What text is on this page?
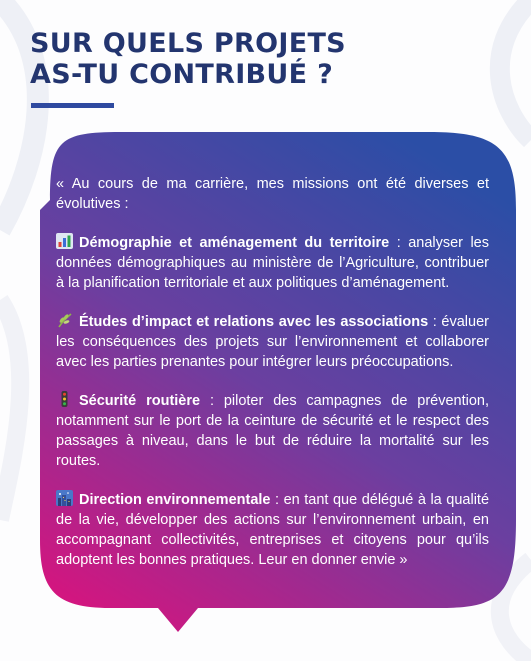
SUR QUELS PROJETS
AS-TU CONTRIBUÉ ?

« Au cours de ma carrière, mes missions ont été diverses et évolutives :

Démographie et aménagement du territoire : analyser les données démographiques au ministère de l’Agriculture, contribuer à la planification territoriale et aux politiques d’aménagement.

Études d’impact et relations avec les associations : évaluer les conséquences des projets sur l’environnement et collaborer avec les parties prenantes pour intégrer leurs préoccupations.

Sécurité routière : piloter des campagnes de prévention, notamment sur le port de la ceinture de sécurité et le respect des passages à niveau, dans le but de réduire la mortalité sur les routes.

Direction environnementale : en tant que délégué à la qualité de la vie, développer des actions sur l’environnement urbain, en accompagnant collectivités, entreprises et citoyens pour qu’ils adoptent les bonnes pratiques. Leur en donner envie »
